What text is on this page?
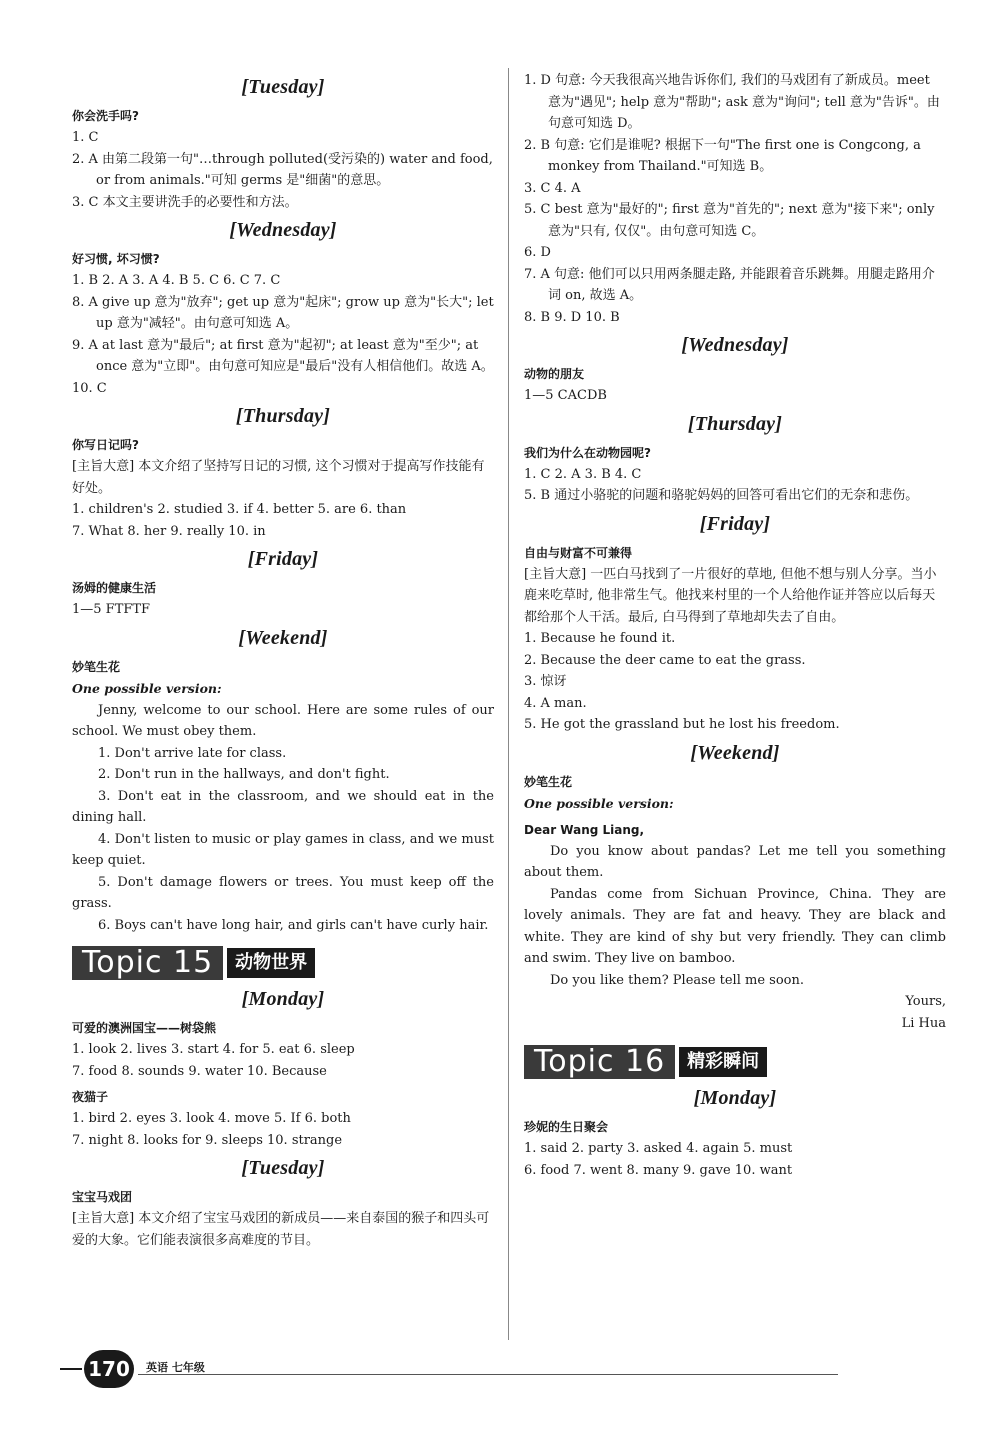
[Tuesday]
你会洗手吗?
1. C
2. A 由第二段第一句"…through polluted(受污染的) water and food, or from animals."可知 germs 是"细菌"的意思。
3. C 本文主要讲洗手的必要性和方法。
[Wednesday]
好习惯, 坏习惯?
1. B 2. A 3. A 4. B 5. C 6. C 7. C
8. A give up 意为"放弃"; get up 意为"起床"; grow up 意为"长大"; let up 意为"减轻"。由句意可知选 A。
9. A at last 意为"最后"; at first 意为"起初"; at least 意为"至少"; at once 意为"立即"。由句意可知应是"最后"没有人相信他们。故选 A。
10. C
[Thursday]
你写日记吗?
[主旨大意] 本文介绍了坚持写日记的习惯, 这个习惯对于提高写作技能有好处。
1. children's 2. studied 3. if 4. better 5. are 6. than
7. What 8. her 9. really 10. in
[Friday]
汤姆的健康生活
1—5 FTFTF
[Weekend]
妙笔生花
One possible version:
Jenny, welcome to our school. Here are some rules of our school. We must obey them.
1. Don't arrive late for class.
2. Don't run in the hallways, and don't fight.
3. Don't eat in the classroom, and we should eat in the dining hall.
4. Don't listen to music or play games in class, and we must keep quiet.
5. Don't damage flowers or trees. You must keep off the grass.
6. Boys can't have long hair, and girls can't have curly hair.
Topic 15	动物世界
[Monday]
可爱的澳洲国宝——树袋熊
1. look 2. lives 3. start 4. for 5. eat 6. sleep
7. food 8. sounds 9. water 10. Because
夜猫子
1. bird 2. eyes 3. look 4. move 5. If 6. both
7. night 8. looks for 9. sleeps 10. strange
[Tuesday]
宝宝马戏团
[主旨大意] 本文介绍了宝宝马戏团的新成员——来自泰国的猴子和四头可爱的大象。它们能表演很多高难度的节目。
1. D 句意: 今天我很高兴地告诉你们, 我们的马戏团有了新成员。meet 意为"遇见"; help 意为"帮助"; ask 意为"询问"; tell 意为"告诉"。由句意可知选 D。
2. B 句意: 它们是谁呢? 根据下一句"The first one is Congcong, a monkey from Thailand."可知选 B。
3. C 4. A
5. C best 意为"最好的"; first 意为"首先的"; next 意为"接下来"; only 意为"只有, 仅仅"。由句意可知选 C。
6. D
7. A 句意: 他们可以只用两条腿走路, 并能跟着音乐跳舞。用腿走路用介词 on, 故选 A。
8. B 9. D 10. B
[Wednesday]
动物的朋友
1—5 CACDB
[Thursday]
我们为什么在动物园呢?
1. C 2. A 3. B 4. C
5. B 通过小骆驼的问题和骆驼妈妈的回答可看出它们的无奈和悲伤。
[Friday]
自由与财富不可兼得
[主旨大意] 一匹白马找到了一片很好的草地, 但他不想与别人分享。当小鹿来吃草时, 他非常生气。他找来村里的一个人给他作证并答应以后每天都给那个人干活。最后, 白马得到了草地却失去了自由。
1. Because he found it.
2. Because the deer came to eat the grass.
3. 惊讶
4. A man.
5. He got the grassland but he lost his freedom.
[Weekend]
妙笔生花
One possible version:
Dear Wang Liang,
Do you know about pandas? Let me tell you something about them.
Pandas come from Sichuan Province, China. They are lovely animals. They are fat and heavy. They are black and white. They are kind of shy but very friendly. They can climb and swim. They live on bamboo.
Do you like them? Please tell me soon.
Yours,
Li Hua
Topic 16	精彩瞬间
[Monday]
珍妮的生日聚会
1. said 2. party 3. asked 4. again 5. must
6. food 7. went 8. many 9. gave 10. want
170	英语 七年级
